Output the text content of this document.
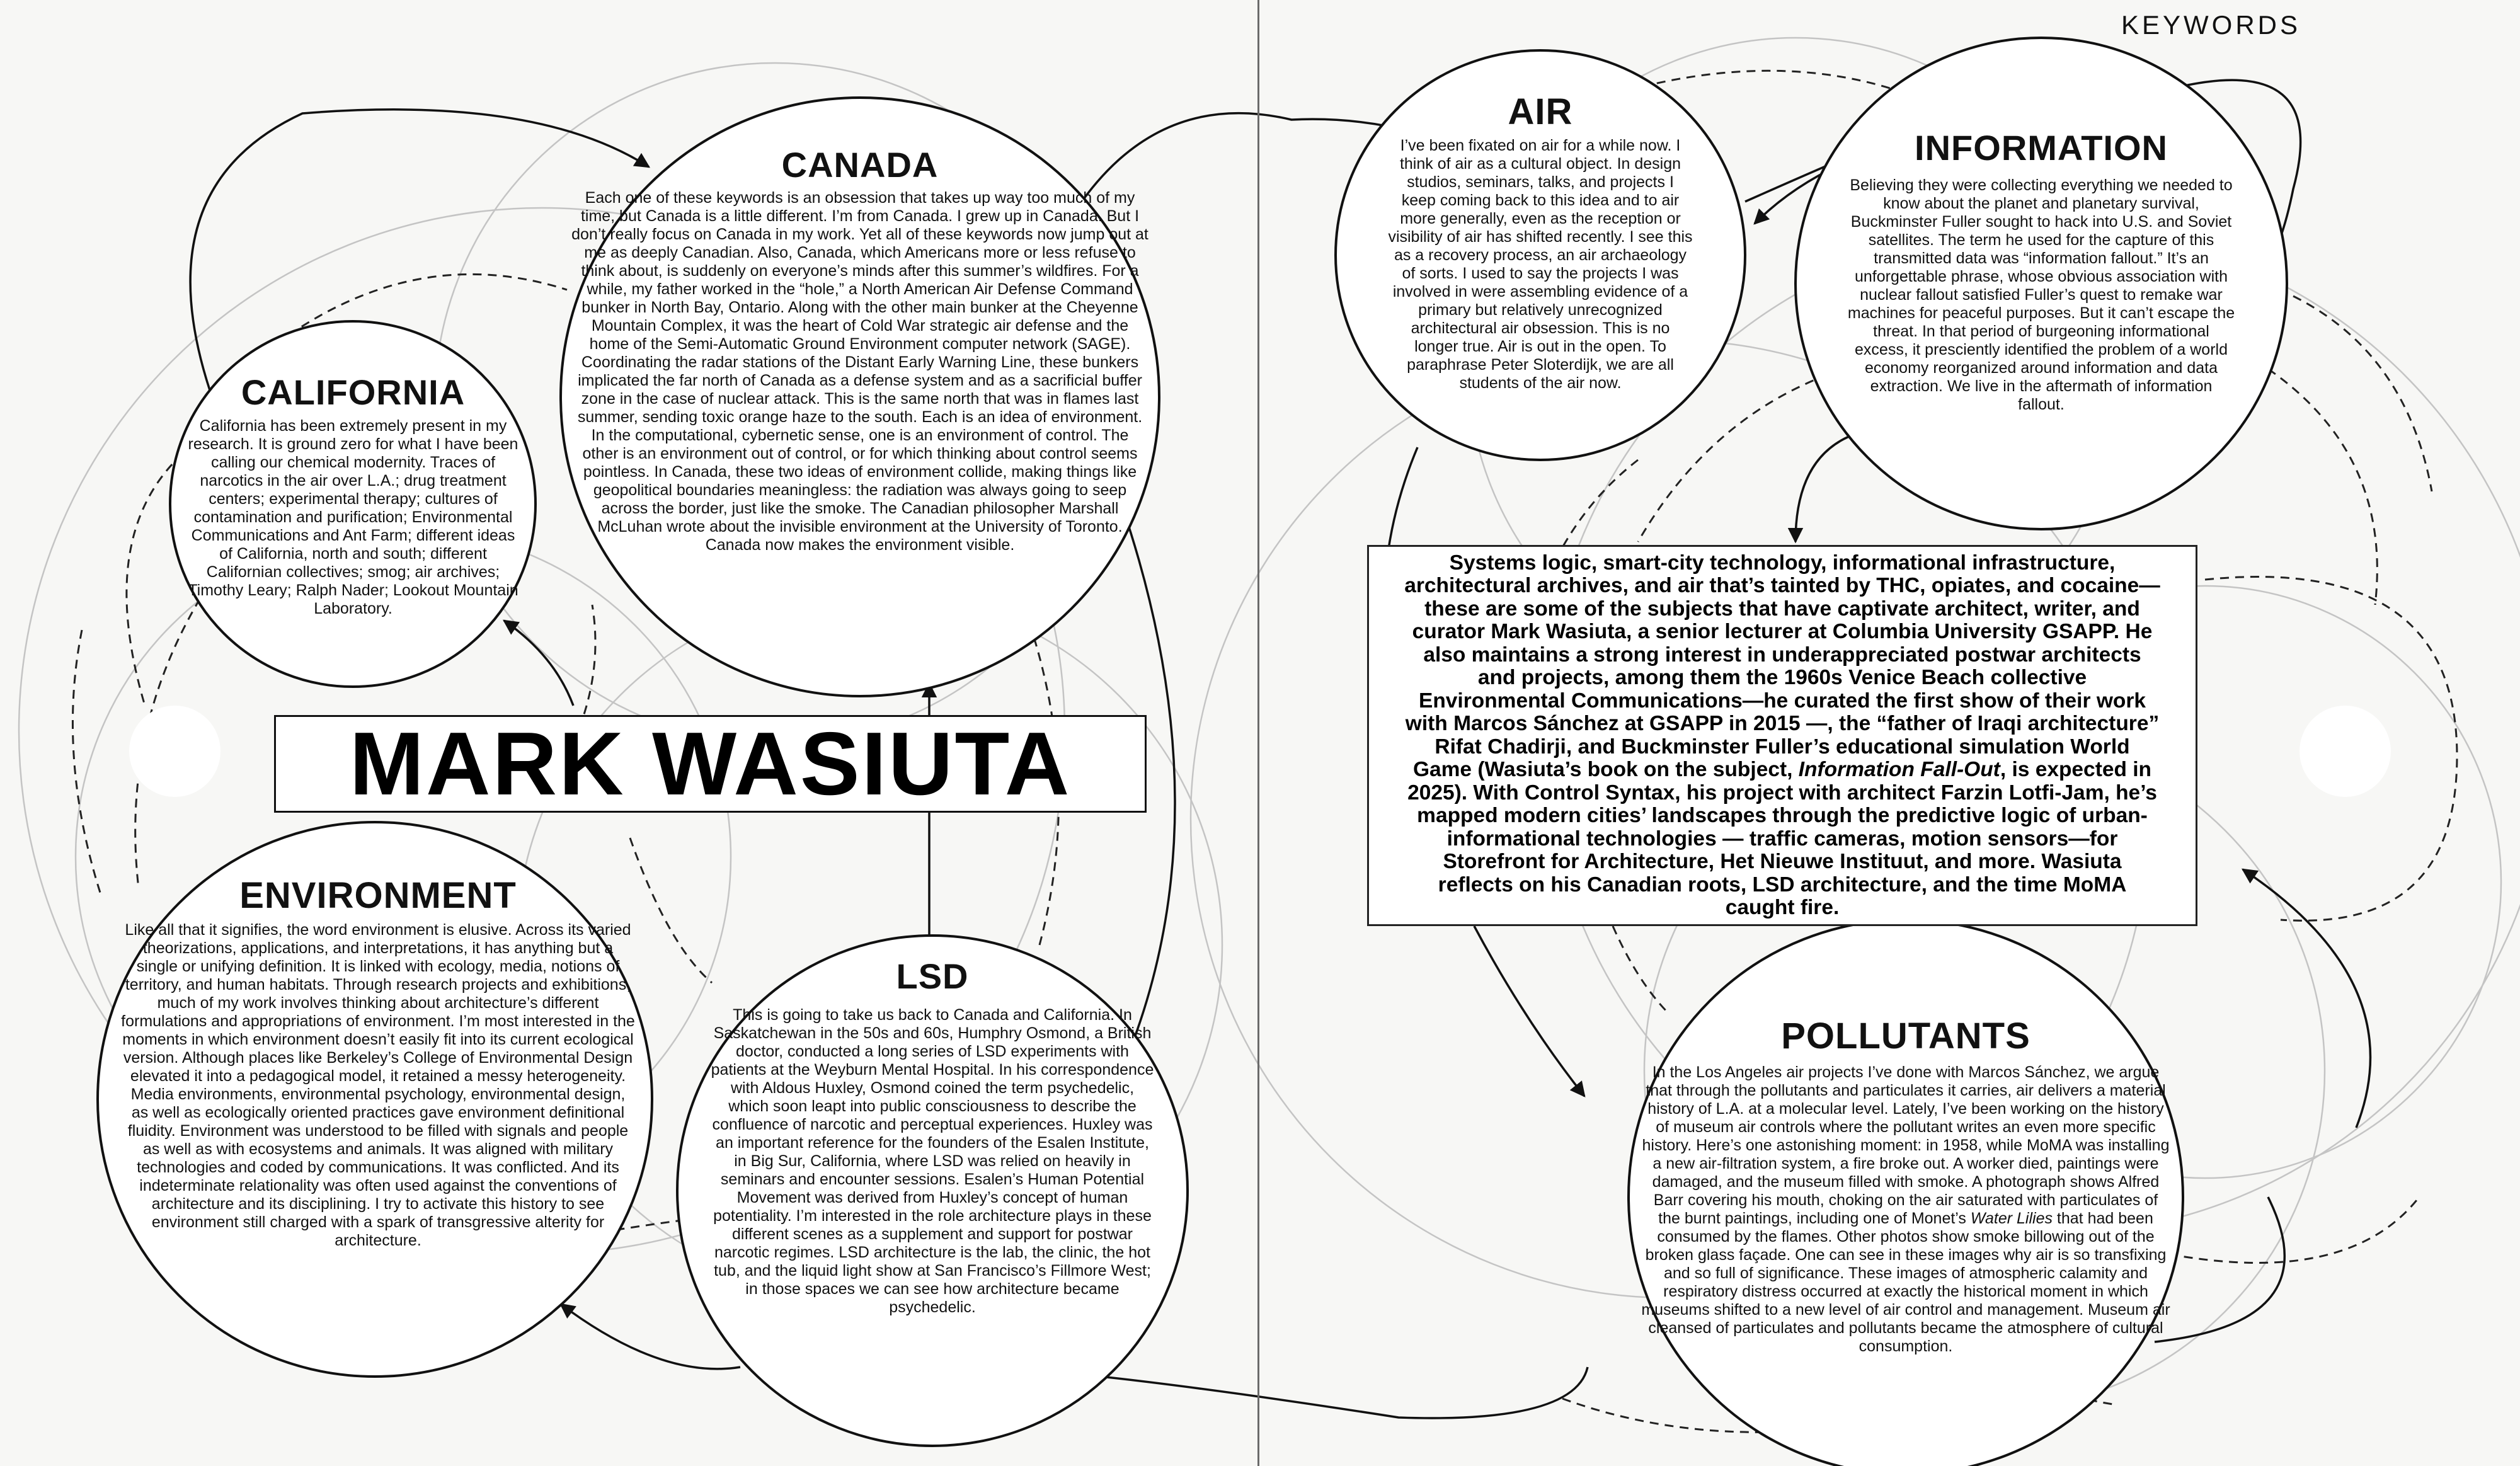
KEYWORDS
CANADA

Each one of these keywords is an obsession that takes up way too much of my time, but Canada is a little different. I’m from Canada. I grew up in Canada. But I don’t really focus on Canada in my work. Yet all of these keywords now jump out at me as deeply Canadian. Also, Canada, which Americans more or less refuse to think about, is suddenly on everyone’s minds after this summer’s wildfires. For a while, my father worked in the “hole,” a North American Air Defense Command bunker in North Bay, Ontario. Along with the other main bunker at the Cheyenne Mountain Complex, it was the heart of Cold War strategic air defense and the home of the Semi-Automatic Ground Environment computer network (SAGE). Coordinating the radar stations of the Distant Early Warning Line, these bunkers implicated the far north of Canada as a defense system and as a sacrificial buffer zone in the case of nuclear attack. This is the same north that was in flames last summer, sending toxic orange haze to the south. Each is an idea of environment. In the computational, cybernetic sense, one is an environment of control. The other is an environment out of control, or for which thinking about control seems pointless. In Canada, these two ideas of environment collide, making things like geopolitical boundaries meaningless: the radiation was always going to seep across the border, just like the smoke. The Canadian philosopher Marshall McLuhan wrote about the invisible environment at the University of Toronto. Canada now makes the environment visible.

CALIFORNIA

California has been extremely present in my research. It is ground zero for what I have been calling our chemical modernity. Traces of narcotics in the air over L.A.; drug treatment centers; experimental therapy; cultures of contamination and purification; Environmental Communications and Ant Farm; different ideas of California, north and south; different Californian collectives; smog; air archives; Timothy Leary; Ralph Nader; Lookout Mountain Laboratory.

ENVIRONMENT

Like all that it signifies, the word environment is elusive. Across its varied theorizations, applications, and interpretations, it has anything but a single or unifying definition. It is linked with ecology, media, notions of territory, and human habitats. Through research projects and exhibitions, much of my work involves thinking about architecture’s different formulations and appropriations of environment. I’m most interested in the moments in which environment doesn’t easily fit into its current ecological version. Although places like Berkeley’s College of Environmental Design elevated it into a pedagogical model, it retained a messy heterogeneity. Media environments, environmental psychology, environmental design, as well as ecologically oriented practices gave environment definitional fluidity. Environment was understood to be filled with signals and people as well as with ecosystems and animals. It was aligned with military technologies and coded by communications. It was conflicted. And its indeterminate relationality was often used against the conventions of architecture and its disciplining. I try to activate this history to see environment still charged with a spark of transgressive alterity for architecture.

LSD

This is going to take us back to Canada and California. In Saskatchewan in the 50s and 60s, Humphry Osmond, a British doctor, conducted a long series of LSD experiments with patients at the Weyburn Mental Hospital. In his correspondence with Aldous Huxley, Osmond coined the term psychedelic, which soon leapt into public consciousness to describe the confluence of narcotic and perceptual experiences. Huxley was an important reference for the founders of the Esalen Institute, in Big Sur, California, where LSD was relied on heavily in seminars and encounter sessions. Esalen’s Human Potential Movement was derived from Huxley’s concept of human potentiality. I’m interested in the role architecture plays in these different scenes as a supplement and support for postwar narcotic regimes. LSD architecture is the lab, the clinic, the hot tub, and the liquid light show at San Francisco’s Fillmore West; in those spaces we can see how architecture became psychedelic.

AIR

I’ve been fixated on air for a while now. I think of air as a cultural object. In design studios, seminars, talks, and projects I keep coming back to this idea and to air more generally, even as the reception or visibility of air has shifted recently. I see this as a recovery process, an air archaeology of sorts. I used to say the projects I was involved in were assembling evidence of a primary but relatively unrecognized architectural air obsession. This is no longer true. Air is out in the open. To paraphrase Peter Sloterdijk, we are all students of the air now.

INFORMATION

Believing they were collecting everything we needed to know about the planet and planetary survival, Buckminster Fuller sought to hack into U.S. and Soviet satellites. The term he used for the capture of this transmitted data was “information fallout.” It’s an unforgettable phrase, whose obvious association with nuclear fallout satisfied Fuller’s quest to remake war machines for peaceful purposes. But it can’t escape the threat. In that period of burgeoning informational excess, it presciently identified the problem of a world economy reorganized around information and data extraction. We live in the aftermath of information fallout.

POLLUTANTS

In the Los Angeles air projects I’ve done with Marcos Sánchez, we argue that through the pollutants and particulates it carries, air delivers a material history of L.A. at a molecular level. Lately, I’ve been working on the history of museum air controls where the pollutant writes an even more specific history. Here’s one astonishing moment: in 1958, while MoMA was installing a new air-filtration system, a fire broke out. A worker died, paintings were damaged, and the museum filled with smoke. A photograph shows Alfred Barr covering his mouth, choking on the air saturated with particulates of the burnt paintings, including one of Monet’s Water Lilies that had been consumed by the flames. Other photos show smoke billowing out of the broken glass façade. One can see in these images why air is so transfixing and so full of significance. These images of atmospheric calamity and respiratory distress occurred at exactly the historical moment in which museums shifted to a new level of air control and management. Museum air cleansed of particulates and pollutants became the atmosphere of cultural consumption.

MARK WASIUTA

Systems logic, smart-city technology, informational infrastructure, architectural archives, and air that’s tainted by THC, opiates, and cocaine—these are some of the subjects that have captivate architect, writer, and curator Mark Wasiuta, a senior lecturer at Columbia University GSAPP. He also maintains a strong interest in underappreciated postwar architects and projects, among them the 1960s Venice Beach collective Environmental Communications—he curated the first show of their work with Marcos Sánchez at GSAPP in 2015 —, the “father of Iraqi architecture” Rifat Chadirji, and Buckminster Fuller’s educational simulation World Game (Wasiuta’s book on the subject, Information Fall-Out, is expected in 2025). With Control Syntax, his project with architect Farzin Lotfi-Jam, he’s mapped modern cities’ landscapes through the predictive logic of urban-informational technologies — traffic cameras, motion sensors—for Storefront for Architecture, Het Nieuwe Instituut, and more. Wasiuta reflects on his Canadian roots, LSD architecture, and the time MoMA caught fire.
